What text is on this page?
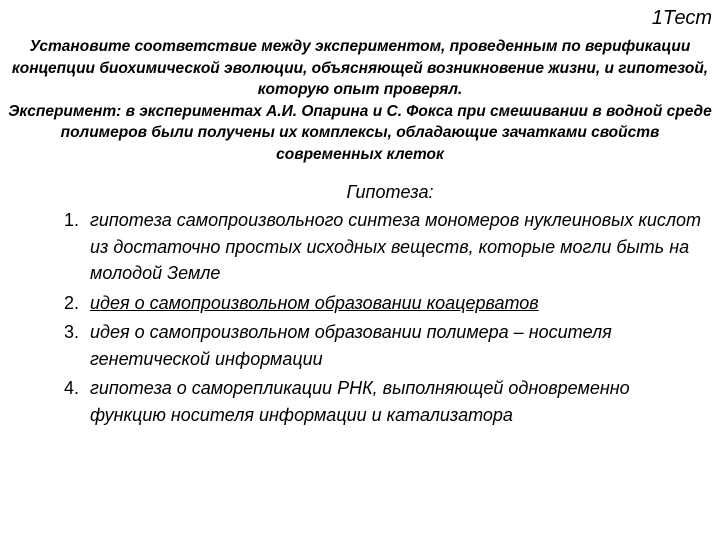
1Тест

Установите соответствие между экспериментом, проведенным по верификации концепции биохимической эволюции, объясняющей возникновение жизни, и гипотезой, которую опыт проверял.

Эксперимент: в экспериментах А.И. Опарина и С. Фокса при смешивании в водной среде полимеров были получены их комплексы, обладающие зачатками свойств современных клеток

Гипотеза:
1. гипотеза самопроизвольного синтеза мономеров нуклеиновых кислот из достаточно простых исходных веществ, которые могли быть на молодой Земле
2. идея о самопроизвольном образовании коацерватов
3. идея о самопроизвольном образовании полимера – носителя генетической информации
4. гипотеза о саморепликации РНК, выполняющей одновременно функцию носителя информации и катализатора
